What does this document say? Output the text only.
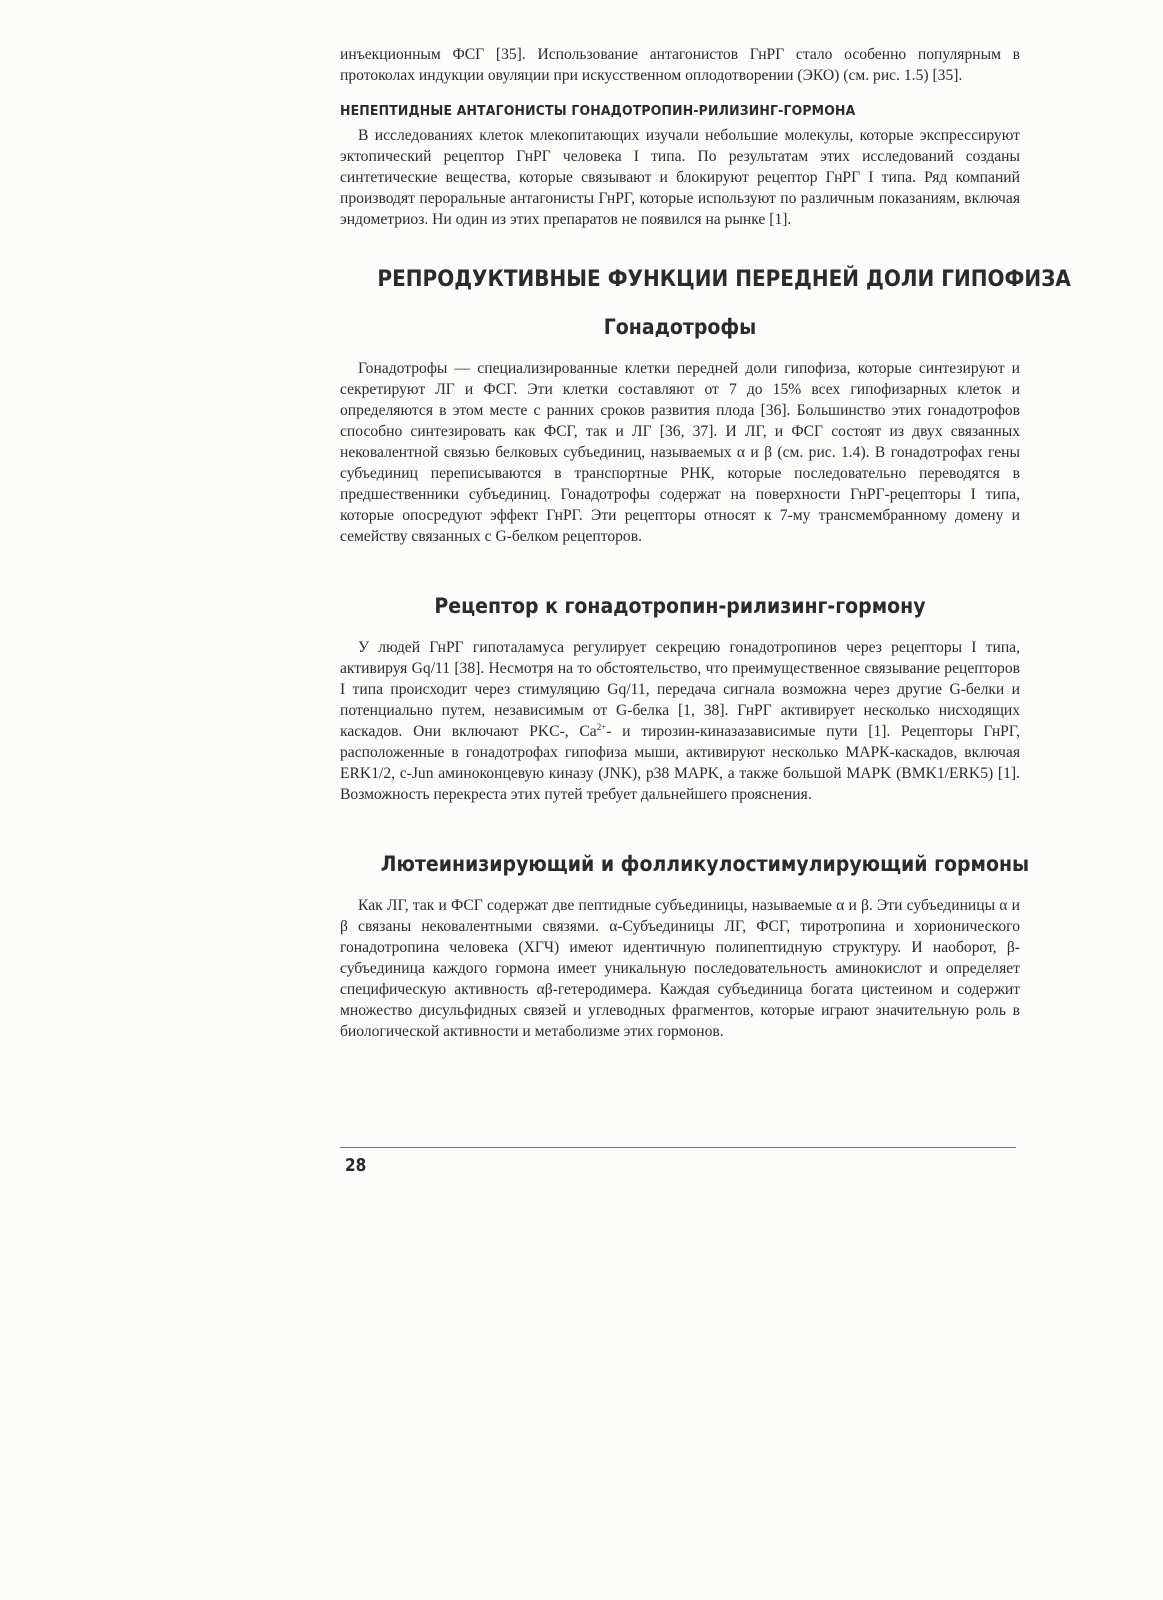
инъекционным ФСГ [35]. Использование антагонистов ГнРГ стало особенно популярным в протоколах индукции овуляции при искусственном оплодотворении (ЭКО) (см. рис. 1.5) [35].

НЕПЕПТИДНЫЕ АНТАГОНИСТЫ ГОНАДОТРОПИН-РИЛИЗИНГ-ГОРМОНА

В исследованиях клеток млекопитающих изучали небольшие молекулы, которые экспрессируют эктопический рецептор ГнРГ человека I типа. По результатам этих исследований созданы синтетические вещества, которые связывают и блокируют рецептор ГнРГ I типа. Ряд компаний производят пероральные антагонисты ГнРГ, которые используют по различным показаниям, включая эндометриоз. Ни один из этих препаратов не появился на рынке [1].

РЕПРОДУКТИВНЫЕ ФУНКЦИИ ПЕРЕДНЕЙ ДОЛИ ГИПОФИЗА
Гонадотрофы

Гонадотрофы — специализированные клетки передней доли гипофиза, которые синтезируют и секретируют ЛГ и ФСГ. Эти клетки составляют от 7 до 15% всех гипофизарных клеток и определяются в этом месте с ранних сроков развития плода [36]. Большинство этих гонадотрофов способно синтезировать как ФСГ, так и ЛГ [36, 37]. И ЛГ, и ФСГ состоят из двух связанных нековалентной связью белковых субъединиц, называемых α и β (см. рис. 1.4). В гонадотрофах гены субъединиц переписываются в транспортные РНК, которые последовательно переводятся в предшественники субъединиц. Гонадотрофы содержат на поверхности ГнРГ-рецепторы I типа, которые опосредуют эффект ГнРГ. Эти рецепторы относят к 7-му трансмембранному домену и семейству связанных с G-белком рецепторов.

Рецептор к гонадотропин-рилизинг-гормону

У людей ГнРГ гипоталамуса регулирует секрецию гонадотропинов через рецепторы I типа, активируя Gq/11 [38]. Несмотря на то обстоятельство, что преимущественное связывание рецепторов I типа происходит через стимуляцию Gq/11, передача сигнала возможна через другие G-белки и потенциально путем, независимым от G-белка [1, 38]. ГнРГ активирует несколько нисходящих каскадов. Они включают PKC-, $Ca^{2+}-$ и тирозин-киназазависимые пути [1]. Рецепторы ГнРГ, расположенные в гонадотрофах гипофиза мыши, активируют несколько МАРК-каскадов, включая ERK1/2, c-Jun аминоконцевую киназу (JNK), p38 MAPK, а также большой MAPK (BMK1/ERK5) [1]. Возможность перекреста этих путей требует дальнейшего прояснения.

Лютеинизирующий и фолликулостимулирующий гормоны

Как ЛГ, так и ФСГ содержат две пептидные субъединицы, называемые α и β. Эти субъединицы α и β связаны нековалентными связями. α-Субъединицы ЛГ, ФСГ, тиротропина и хорионического гонадотропина человека (ХГЧ) имеют идентичную полипептидную структуру. И наоборот, β-субъединица каждого гормона имеет уникальную последовательность аминокислот и определяет специфическую активность αβ-гетеродимера. Каждая субъединица богата цистеином и содержит множество дисульфидных связей и углеводных фрагментов, которые играют значительную роль в биологической активности и метаболизме этих гормонов.

28
